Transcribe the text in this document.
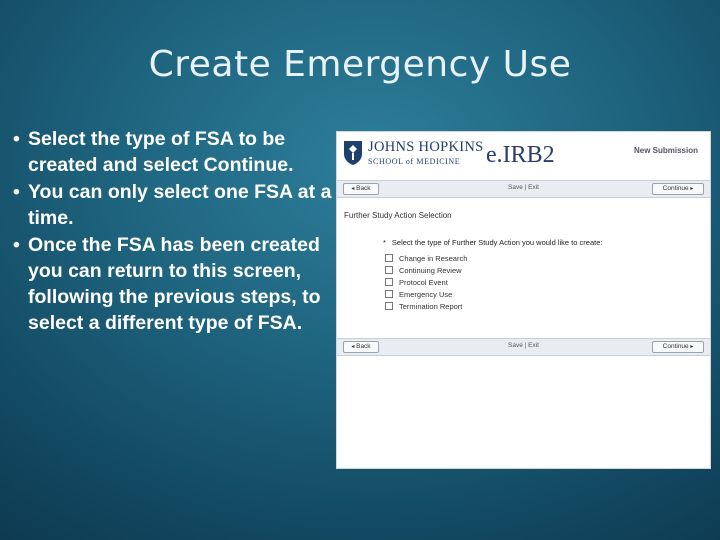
Create Emergency Use
• Select the type of FSA to be created and select Continue.
• You can only select one FSA at a time.
• Once the FSA has been created you can return to this screen, following the previous steps, to select a different type of FSA.
JOHNS HOPKINS
SCHOOL of MEDICINE	e.IRB2	New Submission
◂ Back	Save | Exit	Continue ▸
Further Study Action Selection
* Select the type of Further Study Action you would like to create:
Change in Research
Continuing Review
Protocol Event
Emergency Use
Termination Report
◂ Back	Save | Exit	Continue ▸
